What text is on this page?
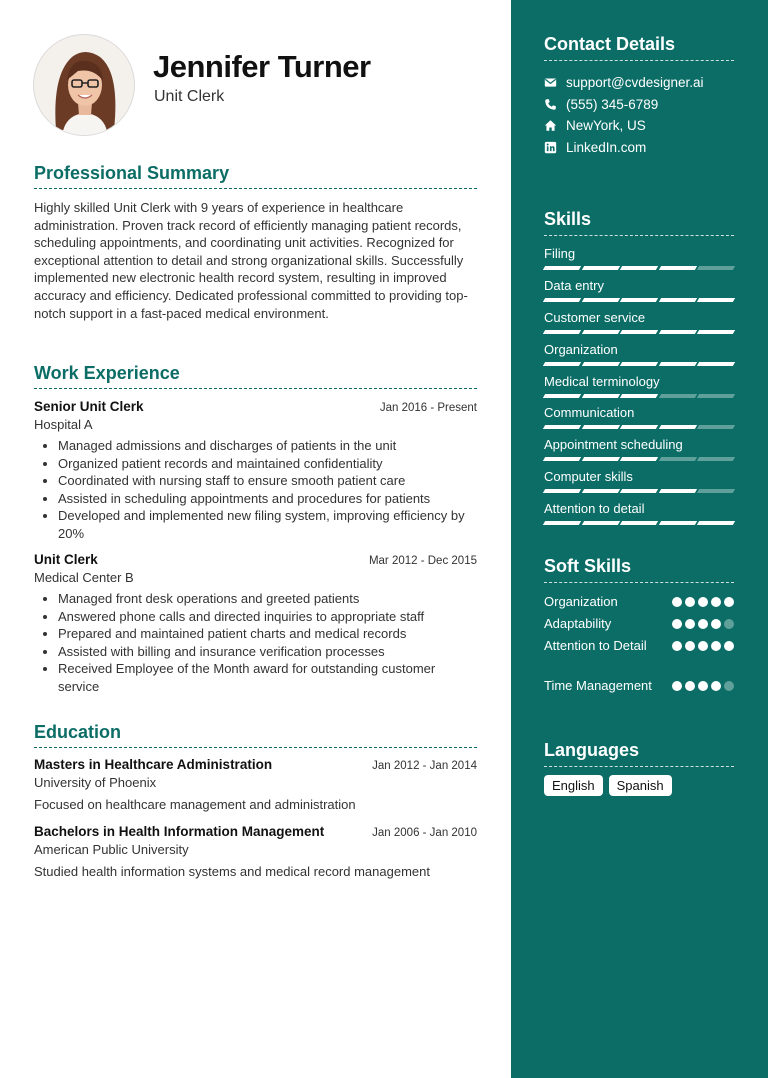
Jennifer Turner
Unit Clerk
Professional Summary
Highly skilled Unit Clerk with 9 years of experience in healthcare administration. Proven track record of efficiently managing patient records, scheduling appointments, and coordinating unit activities. Recognized for exceptional attention to detail and strong organizational skills. Successfully implemented new electronic health record system, resulting in improved accuracy and efficiency. Dedicated professional committed to providing top-notch support in a fast-paced medical environment.
Work Experience
Senior Unit Clerk	Jan 2016 - Present
Hospital A
• Managed admissions and discharges of patients in the unit
• Organized patient records and maintained confidentiality
• Coordinated with nursing staff to ensure smooth patient care
• Assisted in scheduling appointments and procedures for patients
• Developed and implemented new filing system, improving efficiency by 20%
Unit Clerk	Mar 2012 - Dec 2015
Medical Center B
• Managed front desk operations and greeted patients
• Answered phone calls and directed inquiries to appropriate staff
• Prepared and maintained patient charts and medical records
• Assisted with billing and insurance verification processes
• Received Employee of the Month award for outstanding customer service
Education
Masters in Healthcare Administration	Jan 2012 - Jan 2014
University of Phoenix
Focused on healthcare management and administration
Bachelors in Health Information Management	Jan 2006 - Jan 2010
American Public University
Studied health information systems and medical record management
Contact Details
support@cvdesigner.ai
(555) 345-6789
NewYork, US
LinkedIn.com
Skills
Filing
Data entry
Customer service
Organization
Medical terminology
Communication
Appointment scheduling
Computer skills
Attention to detail
Soft Skills
Organization
Adaptability
Attention to Detail
Time Management
Languages
English	Spanish
